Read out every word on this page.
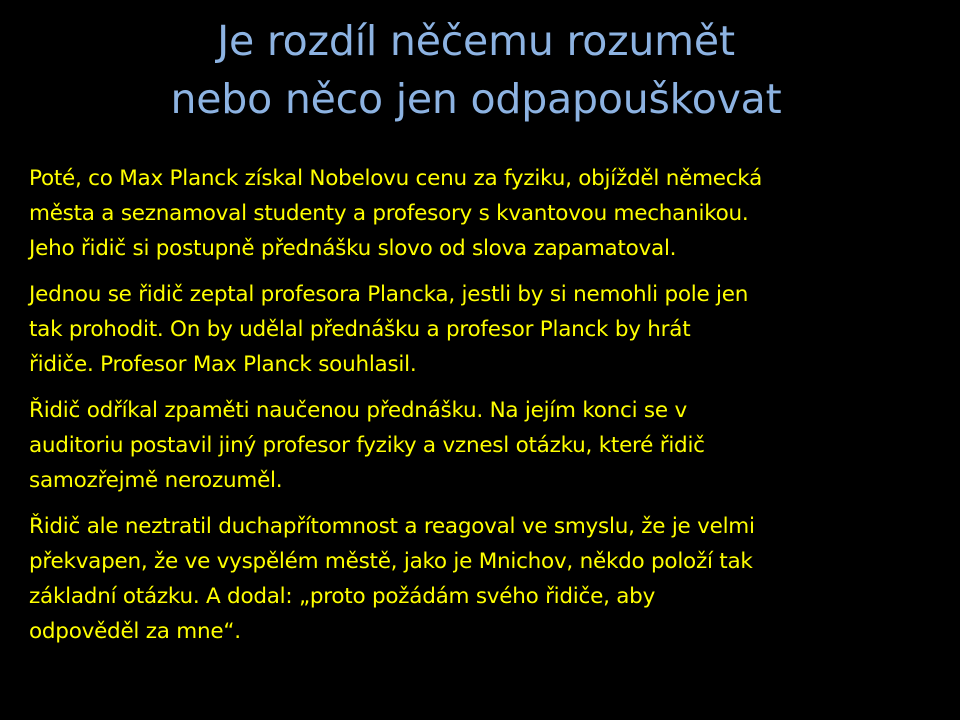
Je rozdíl něčemu rozumět
nebo něco jen odpapouškovat

Poté, co Max Planck získal Nobelovu cenu za fyziku, objížděl německá
města a seznamoval studenty a profesory s kvantovou mechanikou.
Jeho řidič si postupně přednášku slovo od slova zapamatoval.

Jednou se řidič zeptal profesora Plancka, jestli by si nemohli pole jen
tak prohodit. On by udělal přednášku a profesor Planck by hrát
řidiče. Profesor Max Planck souhlasil.

Řidič odříkal zpaměti naučenou přednášku. Na jejím konci se v
auditoriu postavil jiný profesor fyziky a vznesl otázku, které řidič
samozřejmě nerozuměl.

Řidič ale neztratil duchapřítomnost a reagoval ve smyslu, že je velmi
překvapen, že ve vyspělém městě, jako je Mnichov, někdo položí tak
základní otázku. A dodal: „proto požádám svého řidiče, aby
odpověděl za mne“.
